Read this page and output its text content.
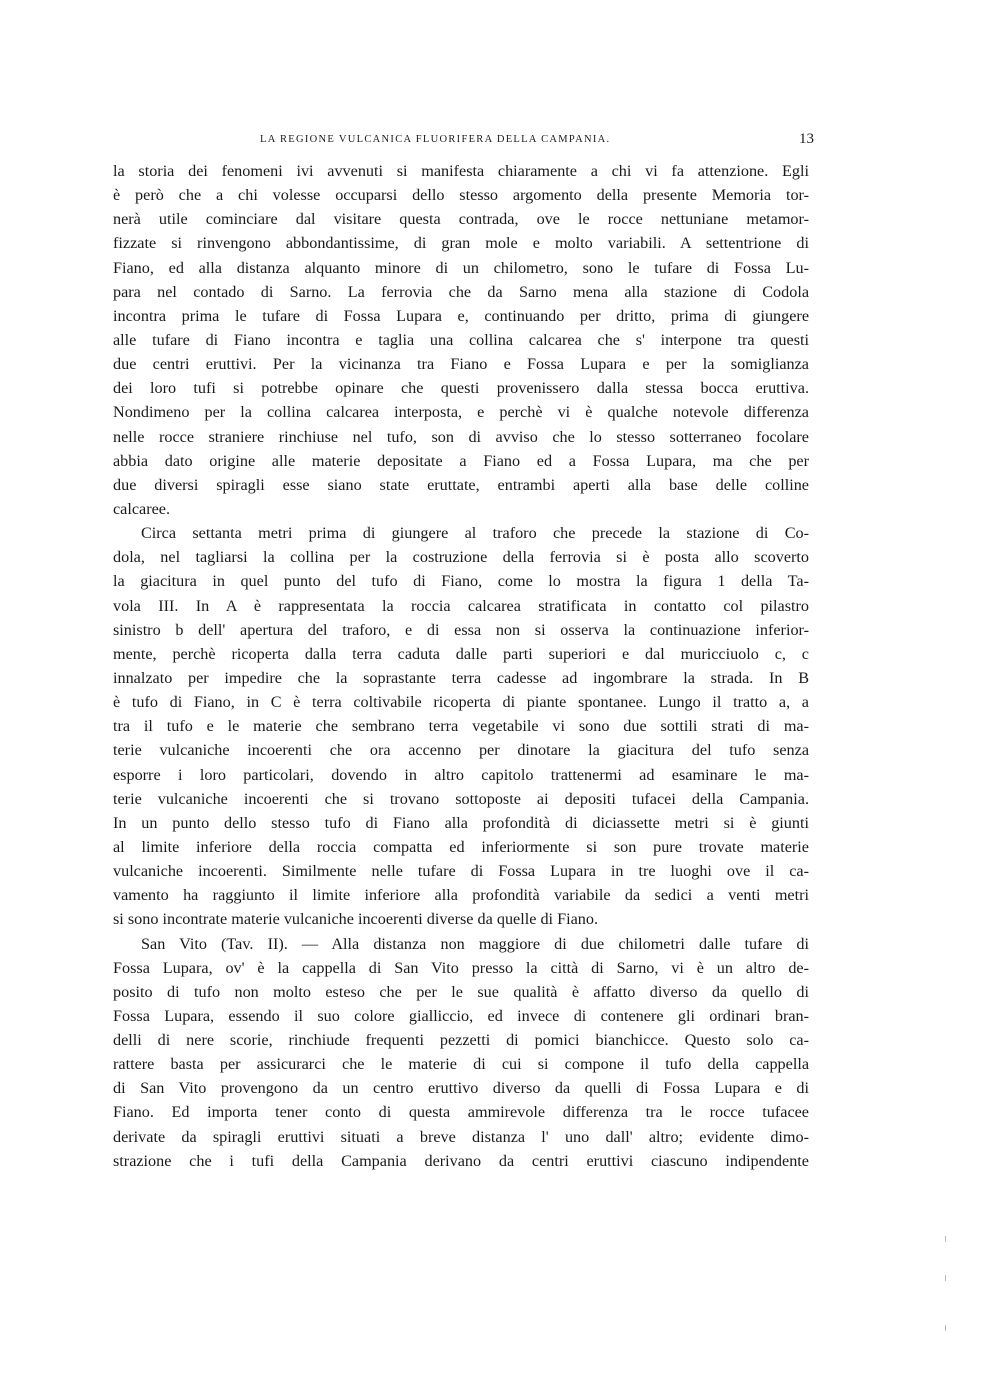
LA REGIONE VULCANICA FLUORIFERA DELLA CAMPANIA.	13
la storia dei fenomeni ivi avvenuti si manifesta chiaramente a chi vi fa attenzione. Egli
è però che a chi volesse occuparsi dello stesso argomento della presente Memoria tor-
nerà utile cominciare dal visitare questa contrada, ove le rocce nettuniane metamor-
fizzate si rinvengono abbondantissime, di gran mole e molto variabili. A settentrione di
Fiano, ed alla distanza alquanto minore di un chilometro, sono le tufare di Fossa Lu-
para nel contado di Sarno. La ferrovia che da Sarno mena alla stazione di Codola
incontra prima le tufare di Fossa Lupara e, continuando per dritto, prima di giungere
alle tufare di Fiano incontra e taglia una collina calcarea che s' interpone tra questi
due centri eruttivi. Per la vicinanza tra Fiano e Fossa Lupara e per la somiglianza
dei loro tufi si potrebbe opinare che questi provenissero dalla stessa bocca eruttiva.
Nondimeno per la collina calcarea interposta, e perchè vi è qualche notevole differenza
nelle rocce straniere rinchiuse nel tufo, son di avviso che lo stesso sotterraneo focolare
abbia dato origine alle materie depositate a Fiano ed a Fossa Lupara, ma che per
due diversi spiragli esse siano state eruttate, entrambi aperti alla base delle colline
calcaree.
Circa settanta metri prima di giungere al traforo che precede la stazione di Co-
dola, nel tagliarsi la collina per la costruzione della ferrovia si è posta allo scoverto
la giacitura in quel punto del tufo di Fiano, come lo mostra la figura 1 della Ta-
vola III. In A è rappresentata la roccia calcarea stratificata in contatto col pilastro
sinistro b dell' apertura del traforo, e di essa non si osserva la continuazione inferior-
mente, perchè ricoperta dalla terra caduta dalle parti superiori e dal muricciuolo c, c
innalzato per impedire che la soprastante terra cadesse ad ingombrare la strada. In B
è tufo di Fiano, in C è terra coltivabile ricoperta di piante spontanee. Lungo il tratto a, a
tra il tufo e le materie che sembrano terra vegetabile vi sono due sottili strati di ma-
terie vulcaniche incoerenti che ora accenno per dinotare la giacitura del tufo senza
esporre i loro particolari, dovendo in altro capitolo trattenermi ad esaminare le ma-
terie vulcaniche incoerenti che si trovano sottoposte ai depositi tufacei della Campania.
In un punto dello stesso tufo di Fiano alla profondità di diciassette metri si è giunti
al limite inferiore della roccia compatta ed inferiormente si son pure trovate materie
vulcaniche incoerenti. Similmente nelle tufare di Fossa Lupara in tre luoghi ove il ca-
vamento ha raggiunto il limite inferiore alla profondità variabile da sedici a venti metri
si sono incontrate materie vulcaniche incoerenti diverse da quelle di Fiano.
San Vito (Tav. II). — Alla distanza non maggiore di due chilometri dalle tufare di
Fossa Lupara, ov' è la cappella di San Vito presso la città di Sarno, vi è un altro de-
posito di tufo non molto esteso che per le sue qualità è affatto diverso da quello di
Fossa Lupara, essendo il suo colore gialliccio, ed invece di contenere gli ordinari bran-
delli di nere scorie, rinchiude frequenti pezzetti di pomici bianchicce. Questo solo ca-
rattere basta per assicurarci che le materie di cui si compone il tufo della cappella
di San Vito provengono da un centro eruttivo diverso da quelli di Fossa Lupara e di
Fiano. Ed importa tener conto di questa ammirevole differenza tra le rocce tufacee
derivate da spiragli eruttivi situati a breve distanza l' uno dall' altro; evidente dimo-
strazione che i tufi della Campania derivano da centri eruttivi ciascuno indipendente
